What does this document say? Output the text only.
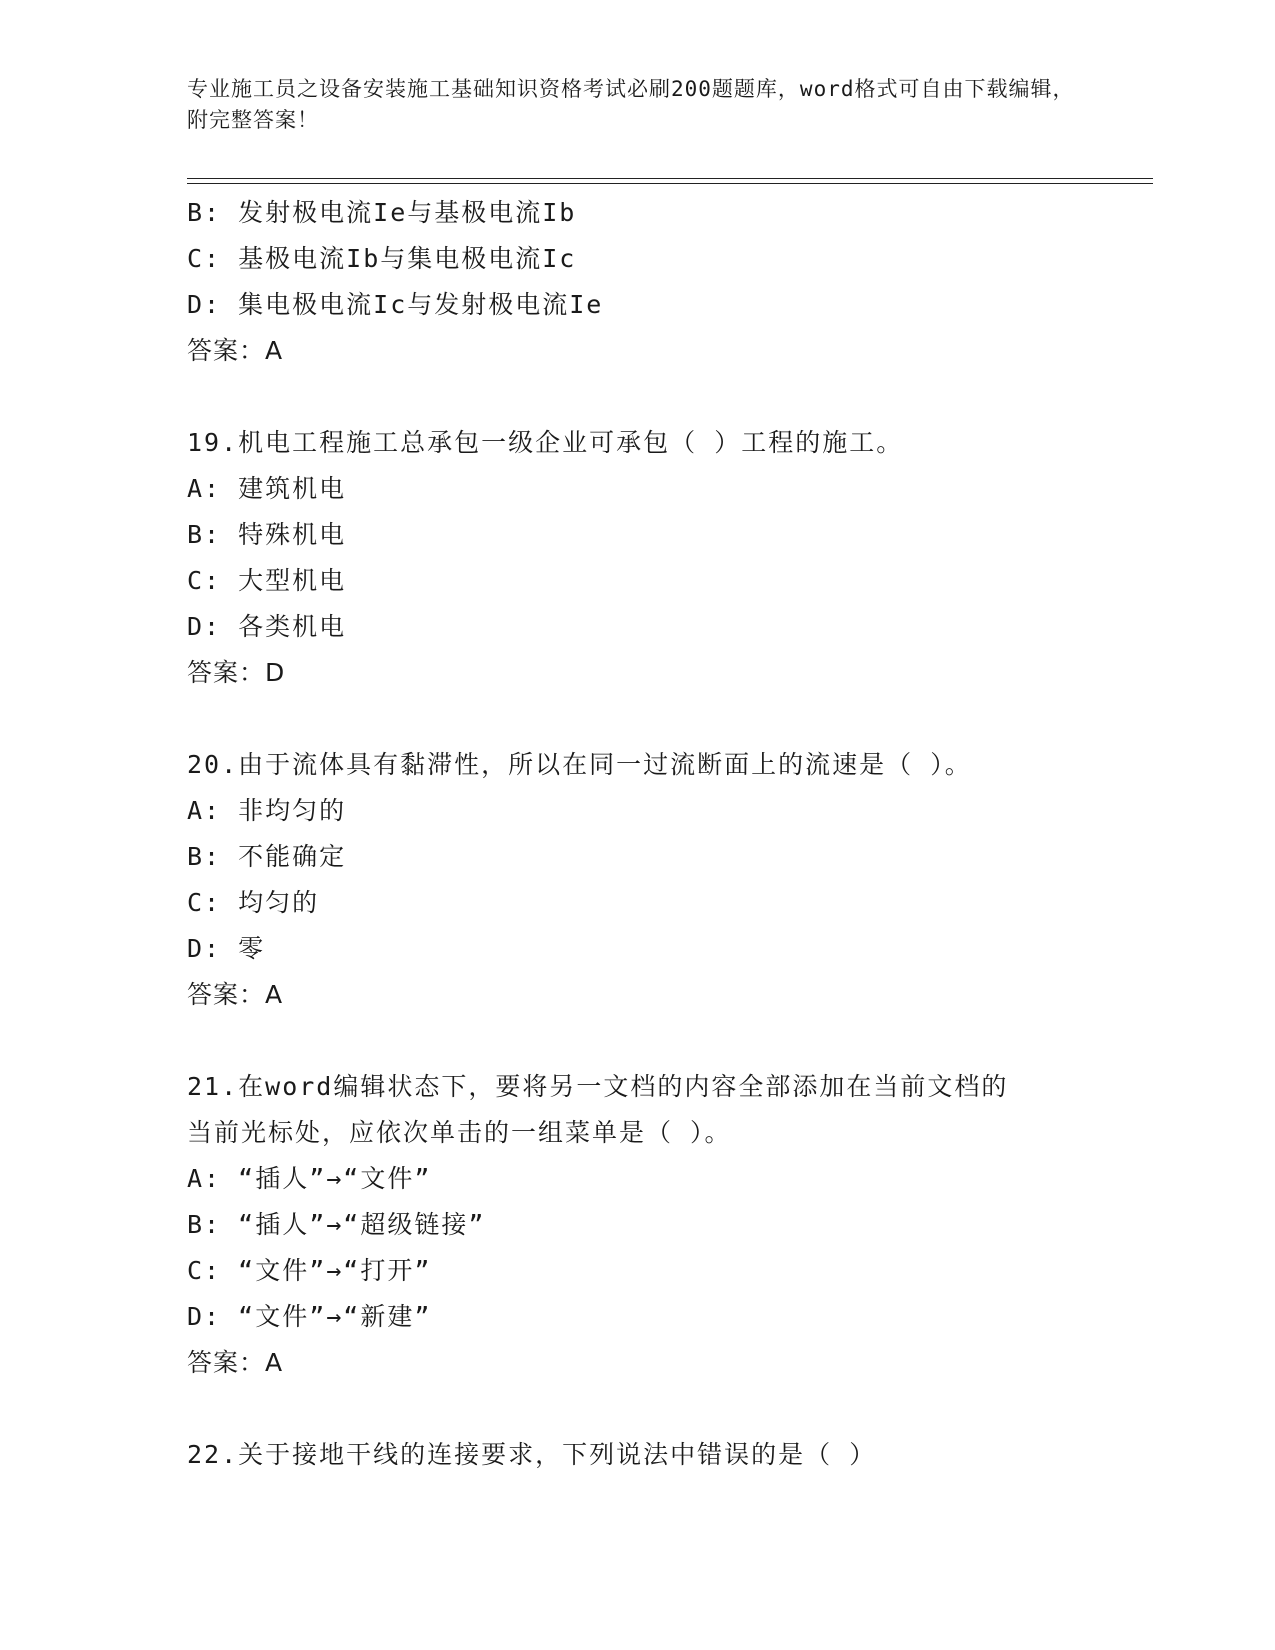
专业施工员之设备安装施工基础知识资格考试必刷200题题库，word格式可自由下载编辑，附完整答案！
B: 发射极电流Ie与基极电流Ib
C: 基极电流Ib与集电极电流Ic
D: 集电极电流Ic与发射极电流Ie
答案：A
19.机电工程施工总承包一级企业可承包（ ）工程的施工。
A: 建筑机电
B: 特殊机电
C: 大型机电
D: 各类机电
答案：D
20.由于流体具有黏滞性，所以在同一过流断面上的流速是（ ）。
A: 非均匀的
B: 不能确定
C: 均匀的
D: 零
答案：A
21.在word编辑状态下，要将另一文档的内容全部添加在当前文档的
当前光标处，应依次单击的一组菜单是（ ）。
A: “插人”→“文件”
B: “插人”→“超级链接”
C: “文件”→“打开”
D: “文件”→“新建”
答案：A
22.关于接地干线的连接要求，下列说法中错误的是（ ）
